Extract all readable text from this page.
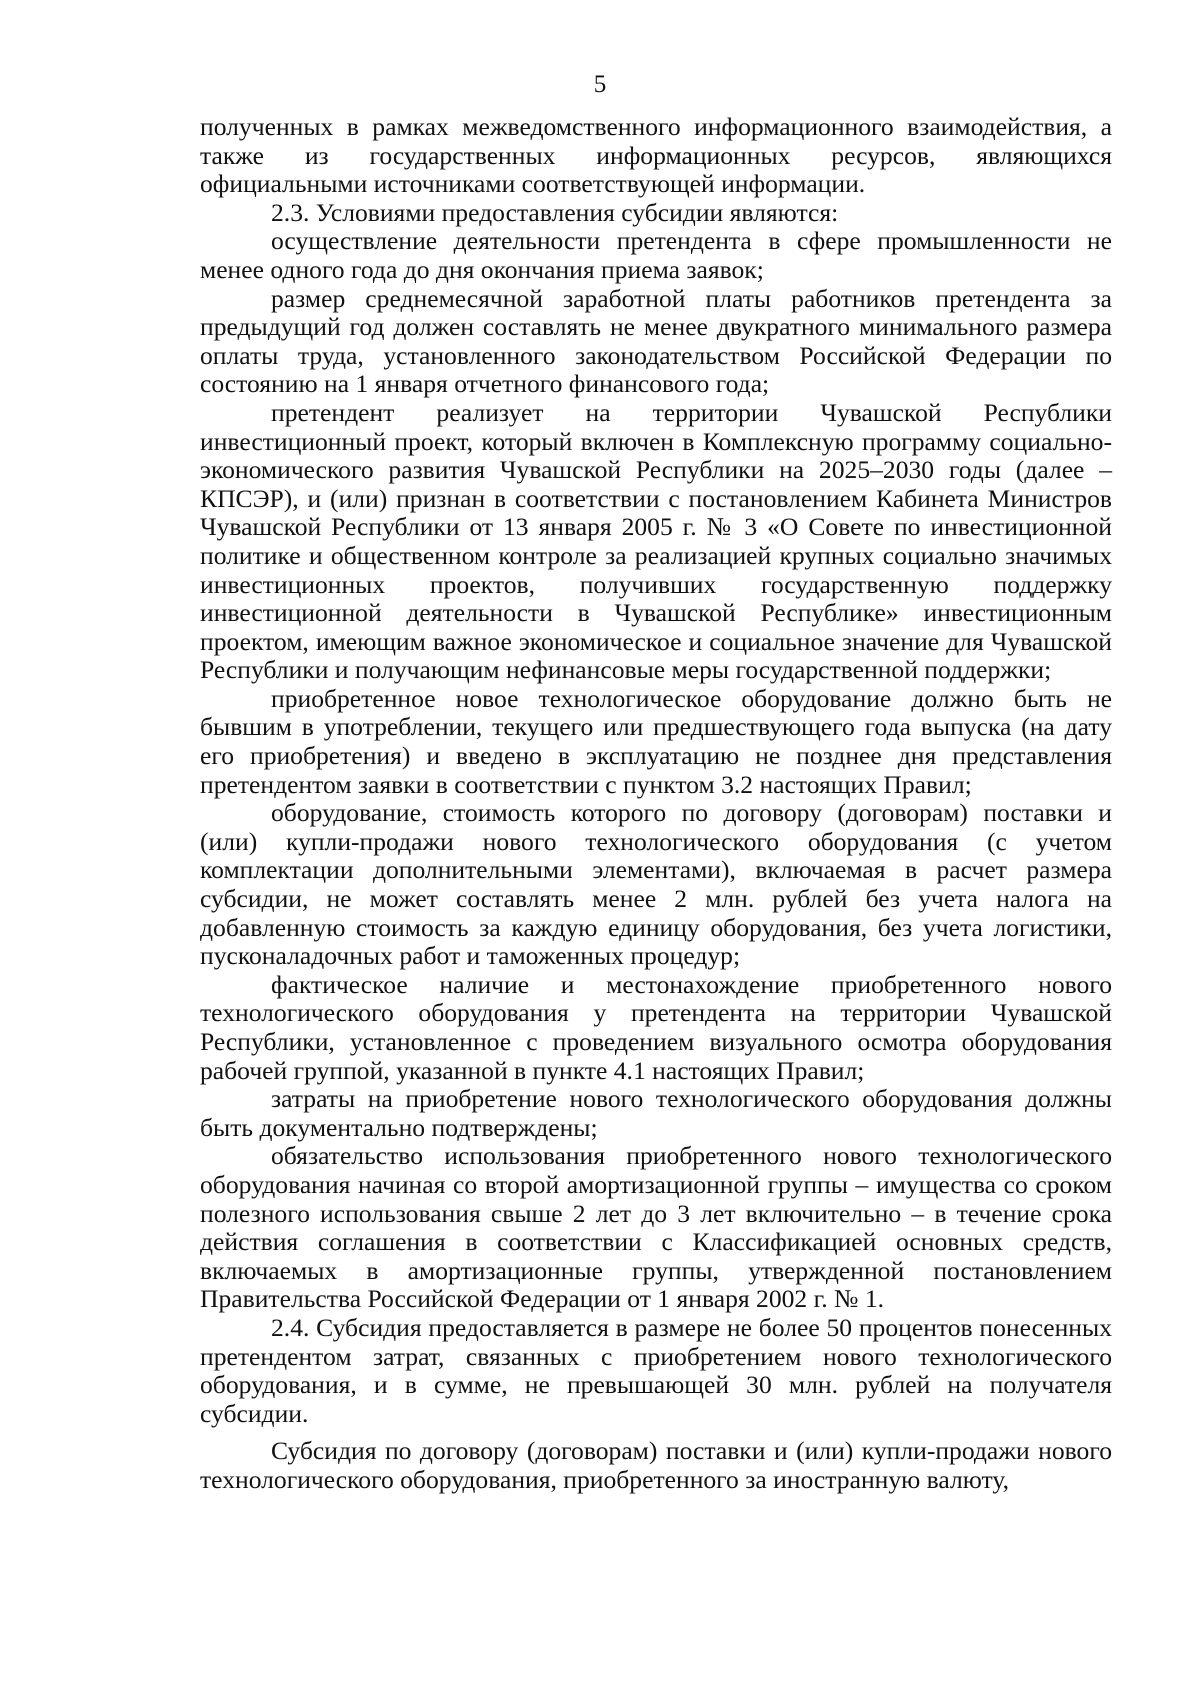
5

полученных в рамках межведомственного информационного взаимодействия, а также из государственных информационных ресурсов, являющихся официальными источниками соответствующей информации.

2.3. Условиями предоставления субсидии являются:

осуществление деятельности претендента в сфере промышленности не менее одного года до дня окончания приема заявок;

размер среднемесячной заработной платы работников претендента за предыдущий год должен составлять не менее двукратного минимального размера оплаты труда, установленного законодательством Российской Федерации по состоянию на 1 января отчетного финансового года;

претендент реализует на территории Чувашской Республики инвестиционный проект, который включен в Комплексную программу социально-экономического развития Чувашской Республики на 2025–2030 годы (далее – КПСЭР), и (или) признан в соответствии с постановлением Кабинета Министров Чувашской Республики от 13 января 2005 г. № 3 «О Совете по инвестиционной политике и общественном контроле за реализацией крупных социально значимых инвестиционных проектов, получивших государственную поддержку инвестиционной деятельности в Чувашской Республике» инвестиционным проектом, имеющим важное экономическое и социальное значение для Чувашской Республики и получающим нефинансовые меры государственной поддержки;

приобретенное новое технологическое оборудование должно быть не бывшим в употреблении, текущего или предшествующего года выпуска (на дату его приобретения) и введено в эксплуатацию не позднее дня представления претендентом заявки в соответствии с пунктом 3.2 настоящих Правил;

оборудование, стоимость которого по договору (договорам) поставки и (или) купли-продажи нового технологического оборудования (с учетом комплектации дополнительными элементами), включаемая в расчет размера субсидии, не может составлять менее 2 млн. рублей без учета налога на добавленную стоимость за каждую единицу оборудования, без учета логистики, пусконаладочных работ и таможенных процедур;

фактическое наличие и местонахождение приобретенного нового технологического оборудования у претендента на территории Чувашской Республики, установленное с проведением визуального осмотра оборудования рабочей группой, указанной в пункте 4.1 настоящих Правил;

затраты на приобретение нового технологического оборудования должны быть документально подтверждены;

обязательство использования приобретенного нового технологического оборудования начиная со второй амортизационной группы – имущества со сроком полезного использования свыше 2 лет до 3 лет включительно – в течение срока действия соглашения в соответствии с Классификацией основных средств, включаемых в амортизационные группы, утвержденной постановлением Правительства Российской Федерации от 1 января 2002 г. № 1.

2.4. Субсидия предоставляется в размере не более 50 процентов понесенных претендентом затрат, связанных с приобретением нового технологического оборудования, и в сумме, не превышающей 30 млн. рублей на получателя субсидии.

Субсидия по договору (договорам) поставки и (или) купли-продажи нового технологического оборудования, приобретенного за иностранную валюту,
